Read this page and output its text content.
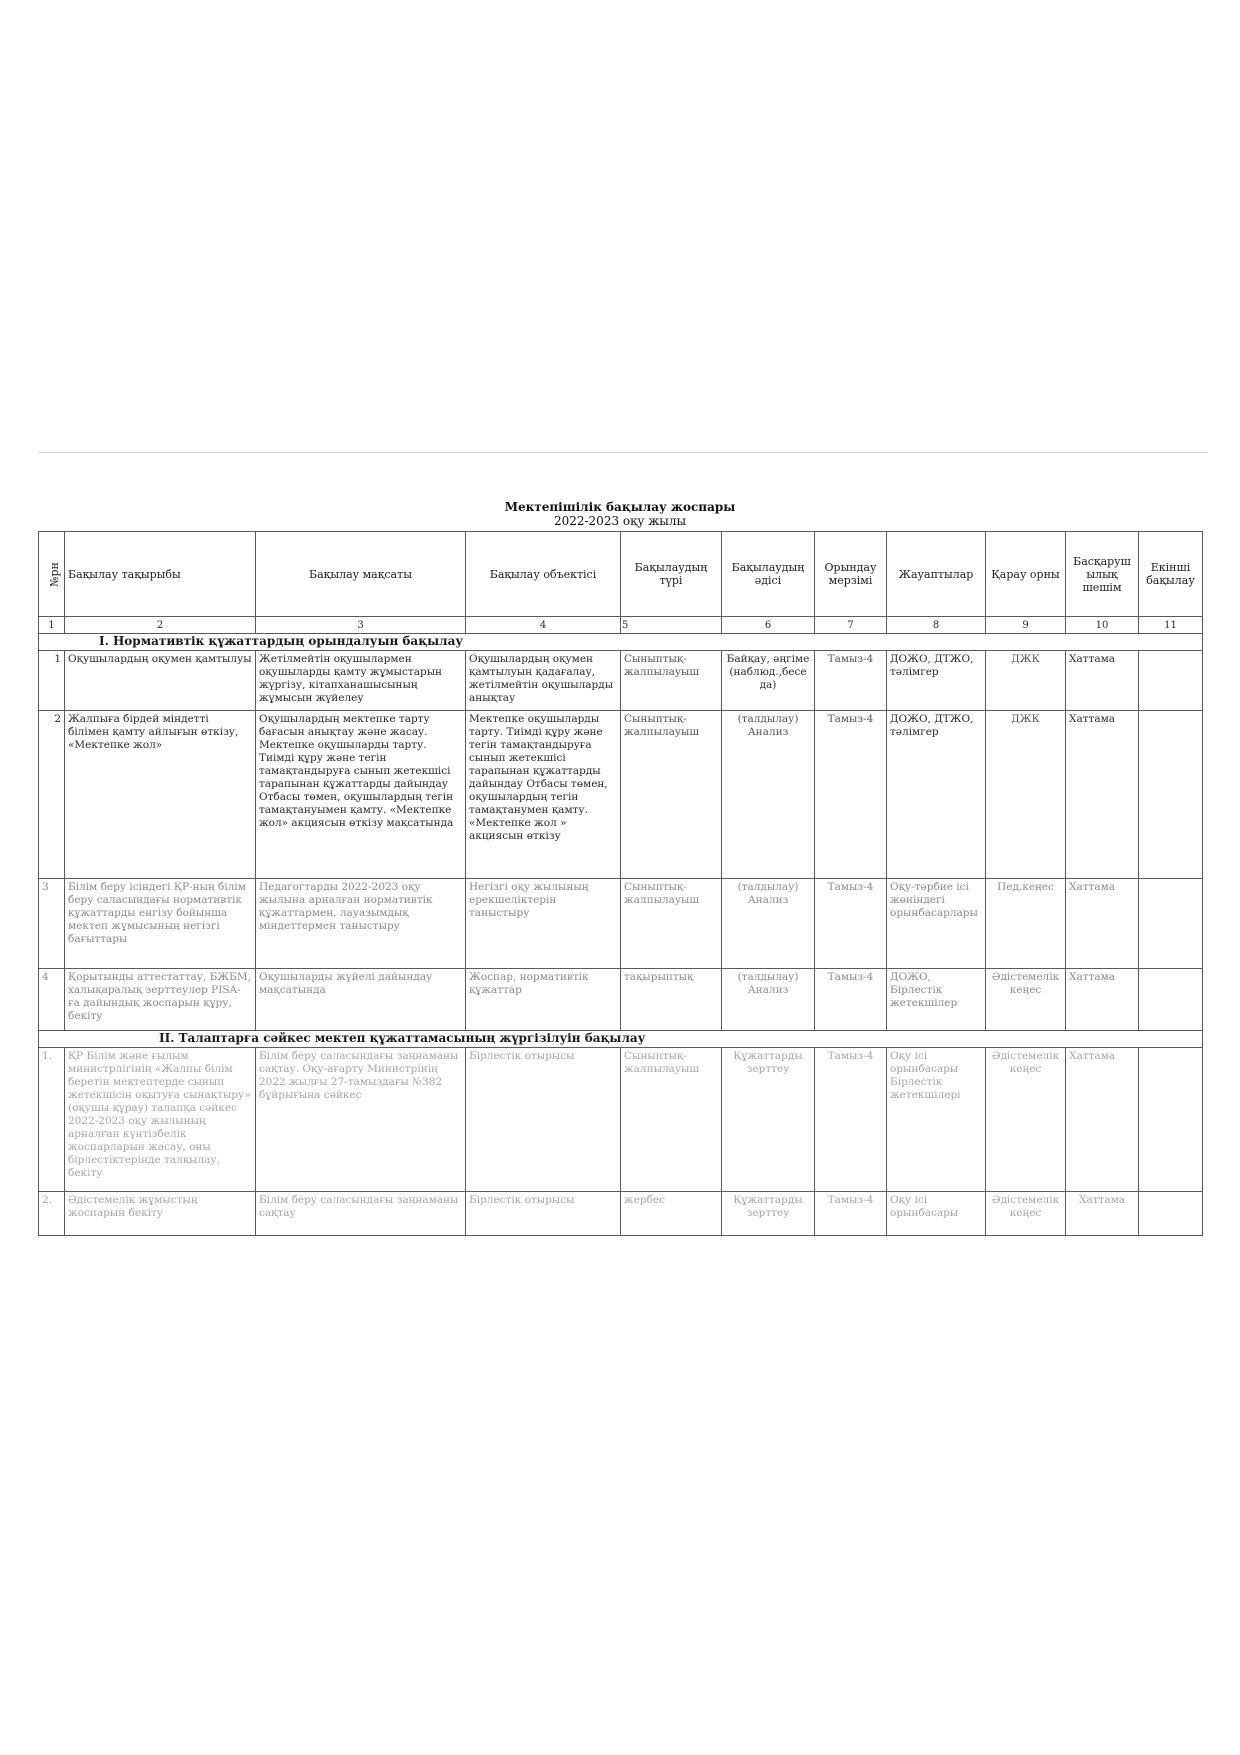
Мектепішілік бақылау жоспары
2022-2023 оқу жылы
№рн	Бақылау тақырыбы	Бақылау мақсаты	Бақылау объектісі	Бақылаудың түрі	Бақылаудың әдісі	Орындау мерзімі	Жауаптылар	Қарау орны	Басқарушылық шешім	Екінші бақылау
1	2	3	4	5	6	7	8	9	10	11
I. Нормативтік құжаттардың орындалуын бақылау										
1	Оқушылардың оқумен қамтылуы	Жетілмейтін оқушылармен оқушыларды қамту жұмыстарын жүргізу, кітапханашысының жұмысын жүйелеу	Оқушылардың оқумен қамтылуын қадағалау, жетілмейтін оқушыларды анықтау	Сыныптық-жалпылауыш	Байқау, әңгіме (наблюд.,бесе да)	Тамыз-4	ДОЖО, ДТЖО, тәлімгер	ДЖК	Хаттама	
2	Жалпыға бірдей міндетті білімен қамту айлығын өткізу, «Мектепке жол»	Оқушылардың мектепке тарту бағасын анықтау және жасау. Мектепке оқушыларды тарту. Тиімді құру және тегін тамақтандыруға сынып жетекшісі тарапынан құжаттарды дайындау Отбасы төмен, оқушылардың тегін тамақтануымен қамту. «Мектепке жол» акциясын өткізу мақсатында	Мектепке оқушыларды тарту. Тиімді құру және тегін тамақтандыруға сынып жетекшісі тарапынан құжаттарды дайындау Отбасы төмен, оқушылардың тегін тамақтанумен қамту. «Мектепке жол » акциясын өткізу	Сыныптық-жалпылауыш	(талдылау) Анализ	Тамыз-4	ДОЖО, ДТЖО, тәлімгер	ДЖК	Хаттама	
3	Білім беру ісіндегі ҚР-ның білім беру саласындағы нормативтік құжаттарды енгізу бойынша мектеп жұмысының негізгі бағыттары	Педагогтарды 2022-2023 оқу жылына арналған нормативтік құжаттармен, лауазымдық міндеттермен таныстыру	Негізгі оқу жылының ерекшеліктерін таныстыру	Сыныптық-жалпылауыш	(талдылау) Анализ	Тамыз-4	Оқу-тәрбие ісі жөніндегі орынбасарлары	Пед.кеңес	Хаттама	
4	Қорытынды аттестаттау, БЖБМ, халықаралық зерттеулер PISA-ға дайындық жоспарын құру, бекіту	Оқушыларды жүйелі дайындау мақсатында	Жоспар, нормативтік құжаттар	тақырыптық	(талдылау) Анализ	Тамыз-4	ДОЖО, Бірлестік жетекшілер	Әдістемелік кеңес	Хаттама	
II. Талаптарға сәйкес мектеп құжаттамасының жүргізілуін бақылау										
1.	ҚР Білім және ғылым министрлігінің «Жалпы білім беретін мектептерде сынып жетекшісін оқытуға сынақтыру» (оқушы құрау) талапқа сәйкес 2022-2023 оқу жылының арналған күнтізбелік жоспарларын жасау, оны бірлестіктерінде талқылау, бекіту	Білім беру саласындағы заңнаманы сақтау. Оқу-ағарту Министрінің 2022 жылғы 27-тамыздағы №382 бұйрығына сәйкес	Бірлестік отырысы	Сыныптық-жалпылауыш	Құжаттарды зерттеу	Тамыз-4	Оқу ісі орынбасары Бірлестік жетекшілері	Әдістемелік кеңес	Хаттама	
2.	Әдістемелік жұмыстың жоспарын бекіту	Білім беру саласындағы заңнаманы сақтау	Бірлестік отырысы	жербес	Құжаттарды зерттеу	Тамыз-4	Оқу ісі орынбасары	Әдістемелік кеңес	Хаттама	
